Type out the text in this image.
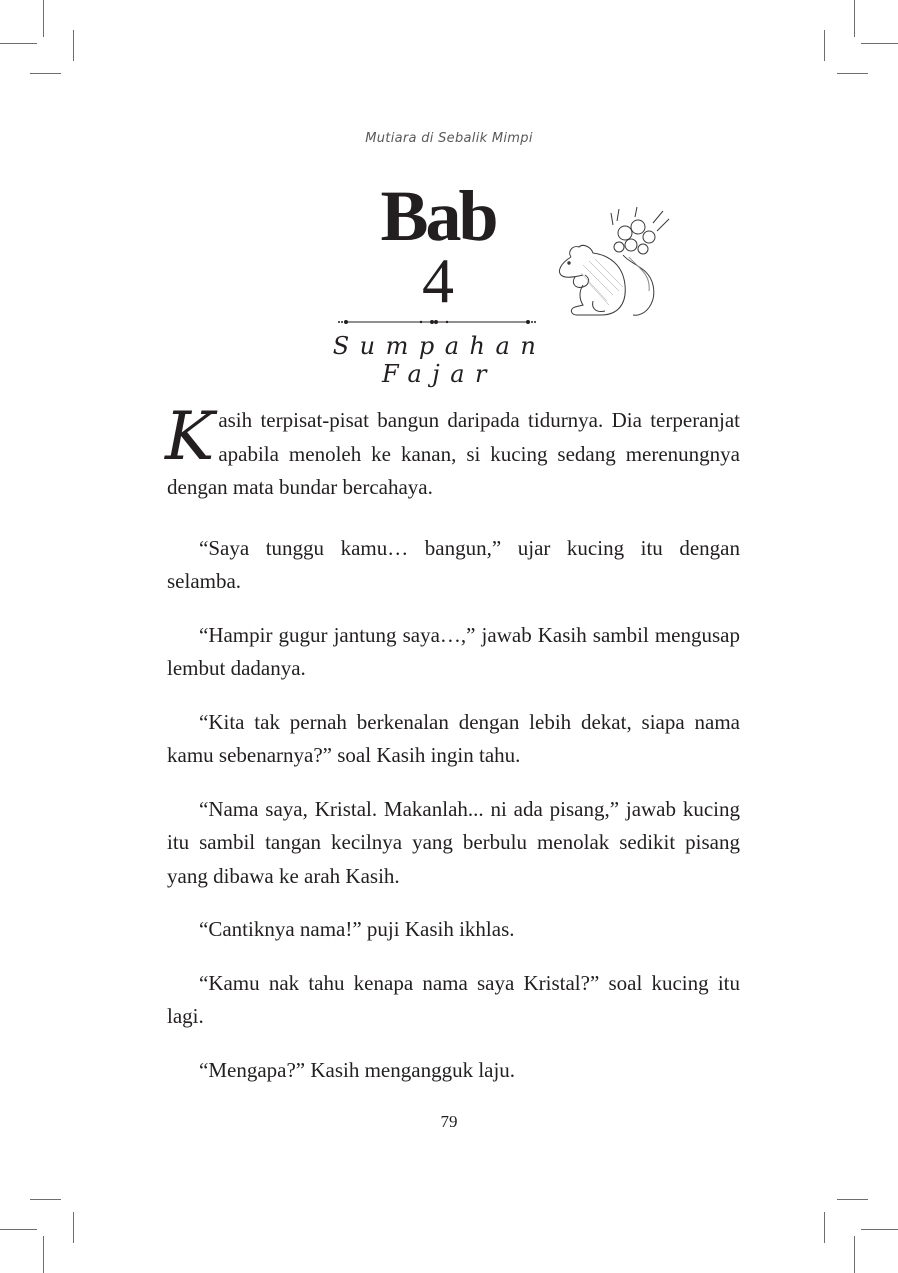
Mutiara di Sebalik Mimpi
Bab
4
Sumpahan Fajar

Kasih terpisat-pisat bangun daripada tidurnya. Dia terperanjat apabila menoleh ke kanan, si kucing sedang merenungnya dengan mata bundar bercahaya.

“Saya tunggu kamu… bangun,” ujar kucing itu dengan selamba.

“Hampir gugur jantung saya…,” jawab Kasih sambil mengusap lembut dadanya.

“Kita tak pernah berkenalan dengan lebih dekat, siapa nama kamu sebenarnya?” soal Kasih ingin tahu.

“Nama saya, Kristal. Makanlah... ni ada pisang,” jawab kucing itu sambil tangan kecilnya yang berbulu menolak sedikit pisang yang dibawa ke arah Kasih.

“Cantiknya nama!” puji Kasih ikhlas.

“Kamu nak tahu kenapa nama saya Kristal?” soal kucing itu lagi.

“Mengapa?” Kasih mengangguk laju.

79
